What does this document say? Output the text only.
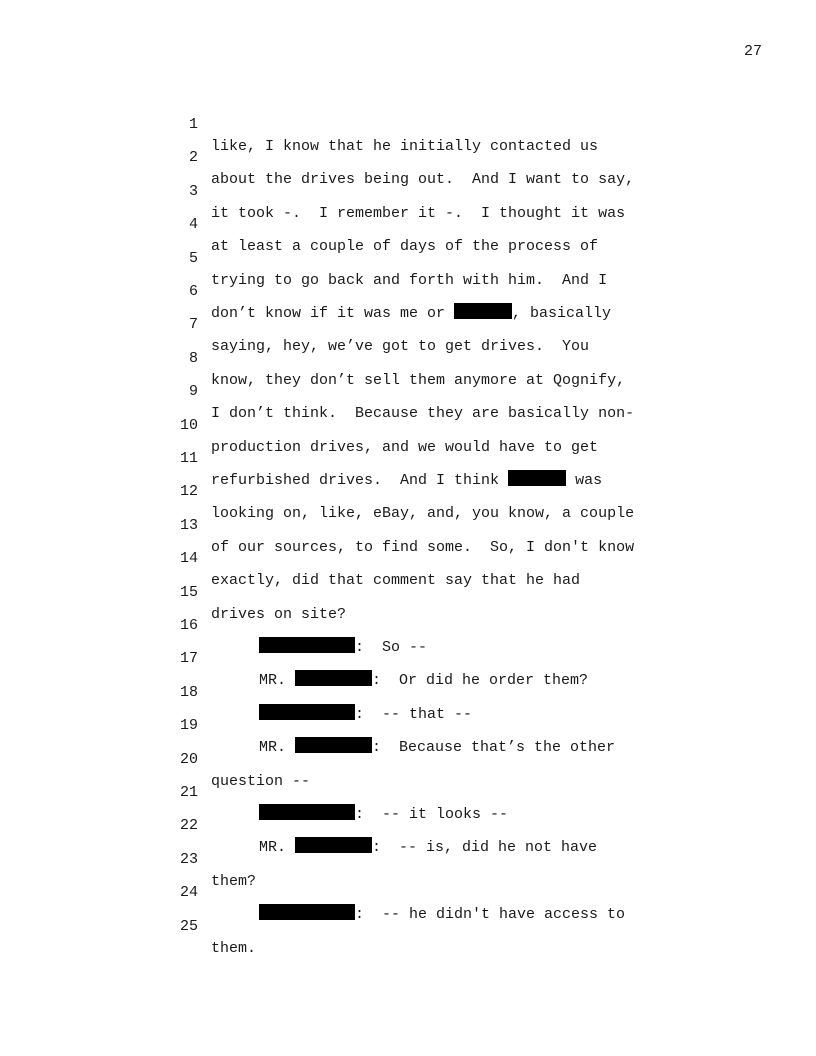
27

1

like, I know that he initially contacted us

2

about the drives being out.  And I want to say,

3

it took -.  I remember it -.  I thought it was

4

at least a couple of days of the process of

5

trying to go back and forth with him.  And I

6

don’t know if it was me or	, basically

7

saying, hey, we’ve got to get drives.  You

8

know, they don’t sell them anymore at Qognify,

9

I don’t think.  Because they are basically non-

10

production drives, and we would have to get

11

refurbished drives.  And I think	was

12

looking on, like, eBay, and, you know, a couple

13

of our sources, to find some.  So, I don't know

14

exactly, did that comment say that he had

15

drives on site?

16

:  So --

17

MR.	:  Or did he order them?

18

:  -- that --

19

MR.	:  Because that’s the other

20

question --

21

:  -- it looks --

22

MR.	:  -- is, did he not have

23

them?

24

:  -- he didn't have access to

25

them.
